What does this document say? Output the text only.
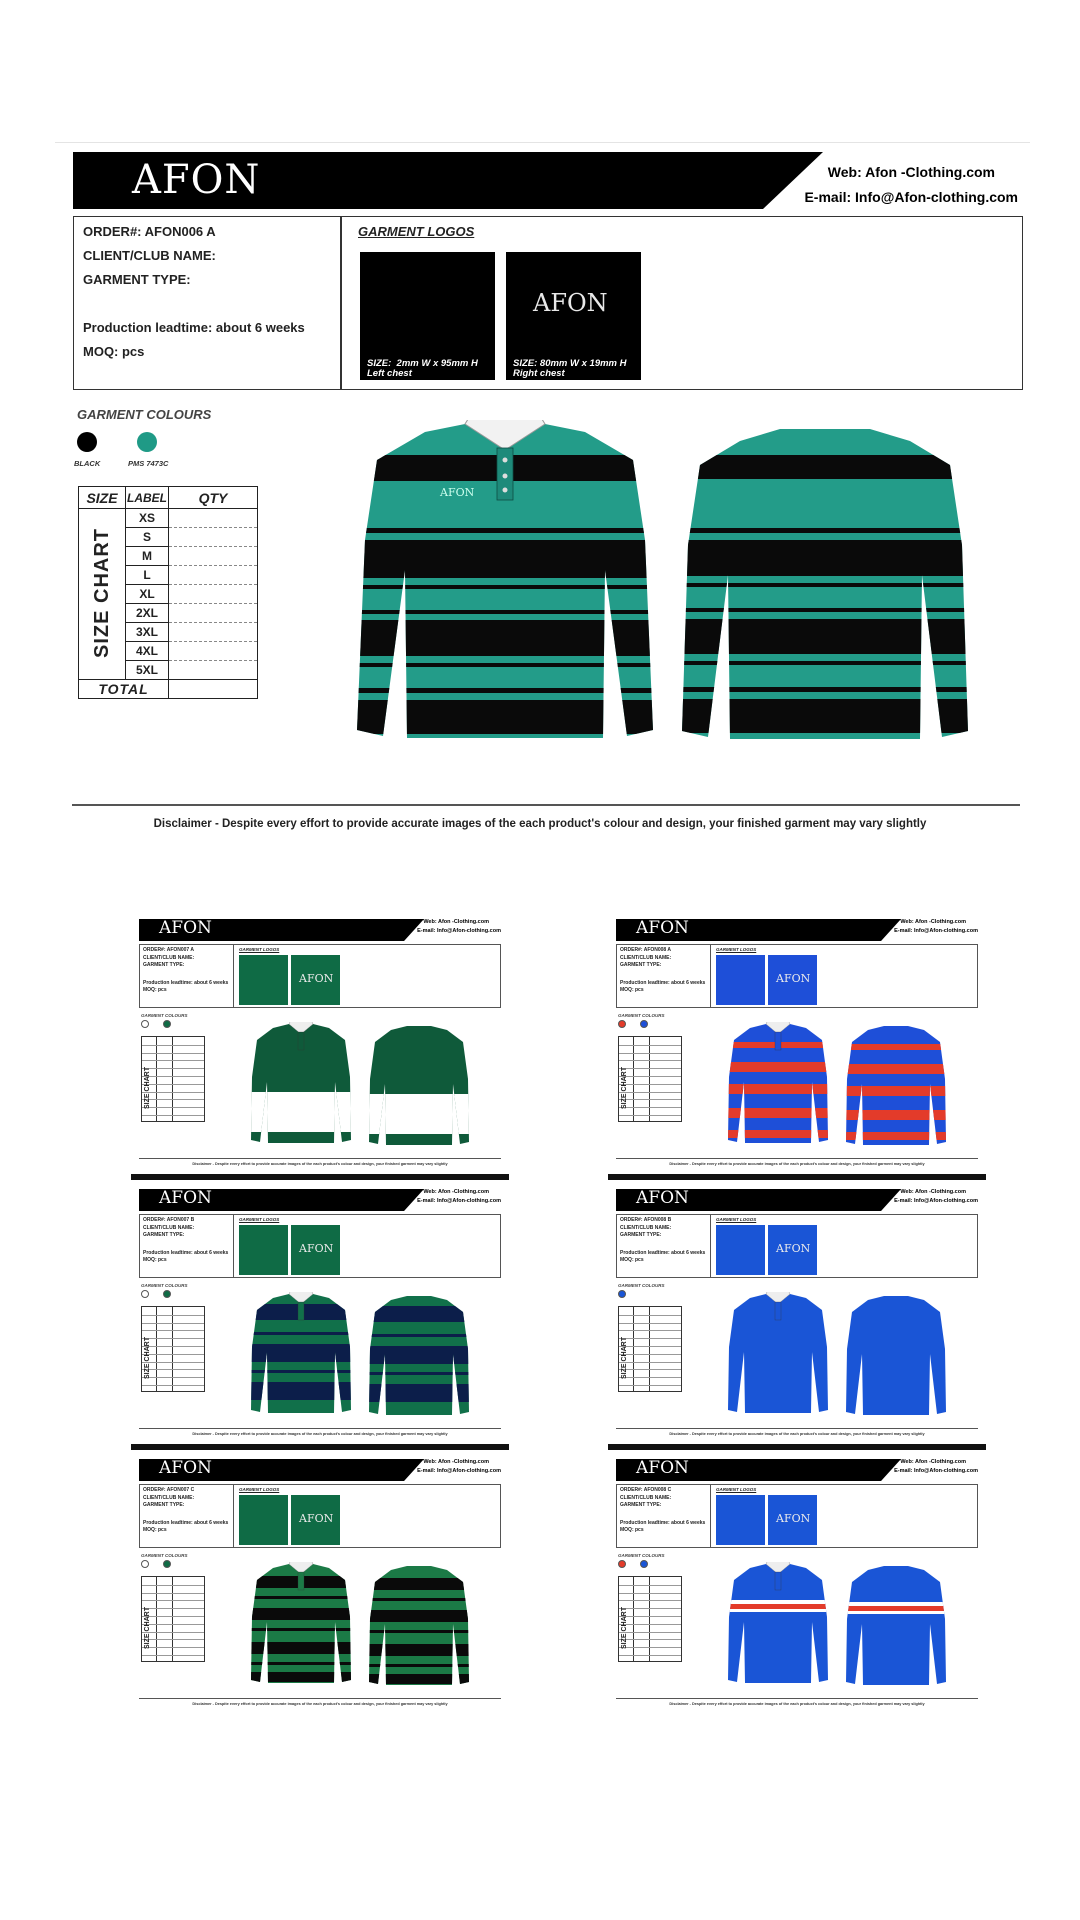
AFON	Web: Afon -Clothing.com
E-mail: Info@Afon-clothing.com
ORDER#: AFON006 A
CLIENT/CLUB NAME:
GARMENT TYPE:
Production leadtime: about 6 weeks
MOQ: pcs
GARMENT LOGOS
SIZE:  2mm W x 95mm H
Left chest
AFON
SIZE: 80mm W x 19mm H
Right chest
GARMENT COLOURS
BLACK	PMS 7473C
SIZE	LABEL	QTY
SIZE CHART	XS	
	S	
	M	
	L	
	XL	
	2XL	
	3XL	
	4XL	
	5XL	
TOTAL		
AFON
Disclaimer - Despite every effort to provide accurate images of the each product's colour and design, your finished garment may vary slightly
AFON	Web: Afon -Clothing.com
E-mail: Info@Afon-clothing.com
ORDER#: AFON007 A
CLIENT/CLUB NAME:
GARMENT TYPE:
Production leadtime: about 6 weeks
MOQ: pcs
GARMENT LOGOS
AFON
GARMENT COLOURS
SIZE CHART
Disclaimer - Despite every effort to provide accurate images of the each product's colour and design, your finished garment may vary slightly
AFON	Web: Afon -Clothing.com
E-mail: Info@Afon-clothing.com
ORDER#: AFON008 A
CLIENT/CLUB NAME:
GARMENT TYPE:
Production leadtime: about 6 weeks
MOQ: pcs
GARMENT LOGOS
AFON
GARMENT COLOURS
SIZE CHART
Disclaimer - Despite every effort to provide accurate images of the each product's colour and design, your finished garment may vary slightly
AFON	Web: Afon -Clothing.com
E-mail: Info@Afon-clothing.com
ORDER#: AFON007 B
CLIENT/CLUB NAME:
GARMENT TYPE:
Production leadtime: about 6 weeks
MOQ: pcs
GARMENT LOGOS
AFON
GARMENT COLOURS
SIZE CHART
Disclaimer - Despite every effort to provide accurate images of the each product's colour and design, your finished garment may vary slightly
AFON	Web: Afon -Clothing.com
E-mail: Info@Afon-clothing.com
ORDER#: AFON008 B
CLIENT/CLUB NAME:
GARMENT TYPE:
Production leadtime: about 6 weeks
MOQ: pcs
GARMENT LOGOS
AFON
GARMENT COLOURS
SIZE CHART
Disclaimer - Despite every effort to provide accurate images of the each product's colour and design, your finished garment may vary slightly
AFON	Web: Afon -Clothing.com
E-mail: Info@Afon-clothing.com
ORDER#: AFON007 C
CLIENT/CLUB NAME:
GARMENT TYPE:
Production leadtime: about 6 weeks
MOQ: pcs
GARMENT LOGOS
AFON
GARMENT COLOURS
SIZE CHART
Disclaimer - Despite every effort to provide accurate images of the each product's colour and design, your finished garment may vary slightly
AFON	Web: Afon -Clothing.com
E-mail: Info@Afon-clothing.com
ORDER#: AFON008 C
CLIENT/CLUB NAME:
GARMENT TYPE:
Production leadtime: about 6 weeks
MOQ: pcs
GARMENT LOGOS
AFON
GARMENT COLOURS
SIZE CHART
Disclaimer - Despite every effort to provide accurate images of the each product's colour and design, your finished garment may vary slightly
